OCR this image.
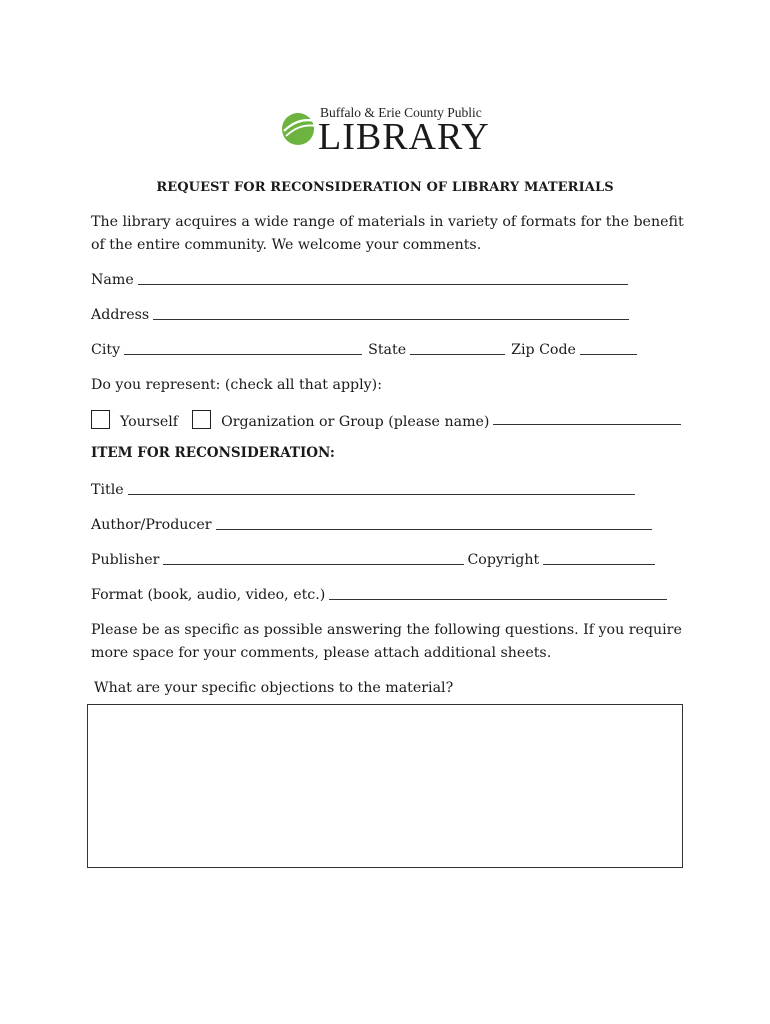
Buffalo & Erie County Public
LIBRARY
REQUEST FOR RECONSIDERATION OF LIBRARY MATERIALS
The library acquires a wide range of materials in variety of formats for the benefit of the entire community. We welcome your comments.
Name
Address
City	State	Zip Code
Do you represent: (check all that apply):
Yourself	Organization or Group (please name)
ITEM FOR RECONSIDERATION:
Title
Author/Producer
Publisher	Copyright
Format (book, audio, video, etc.)
Please be as specific as possible answering the following questions. If you require more space for your comments, please attach additional sheets.
What are your specific objections to the material?
